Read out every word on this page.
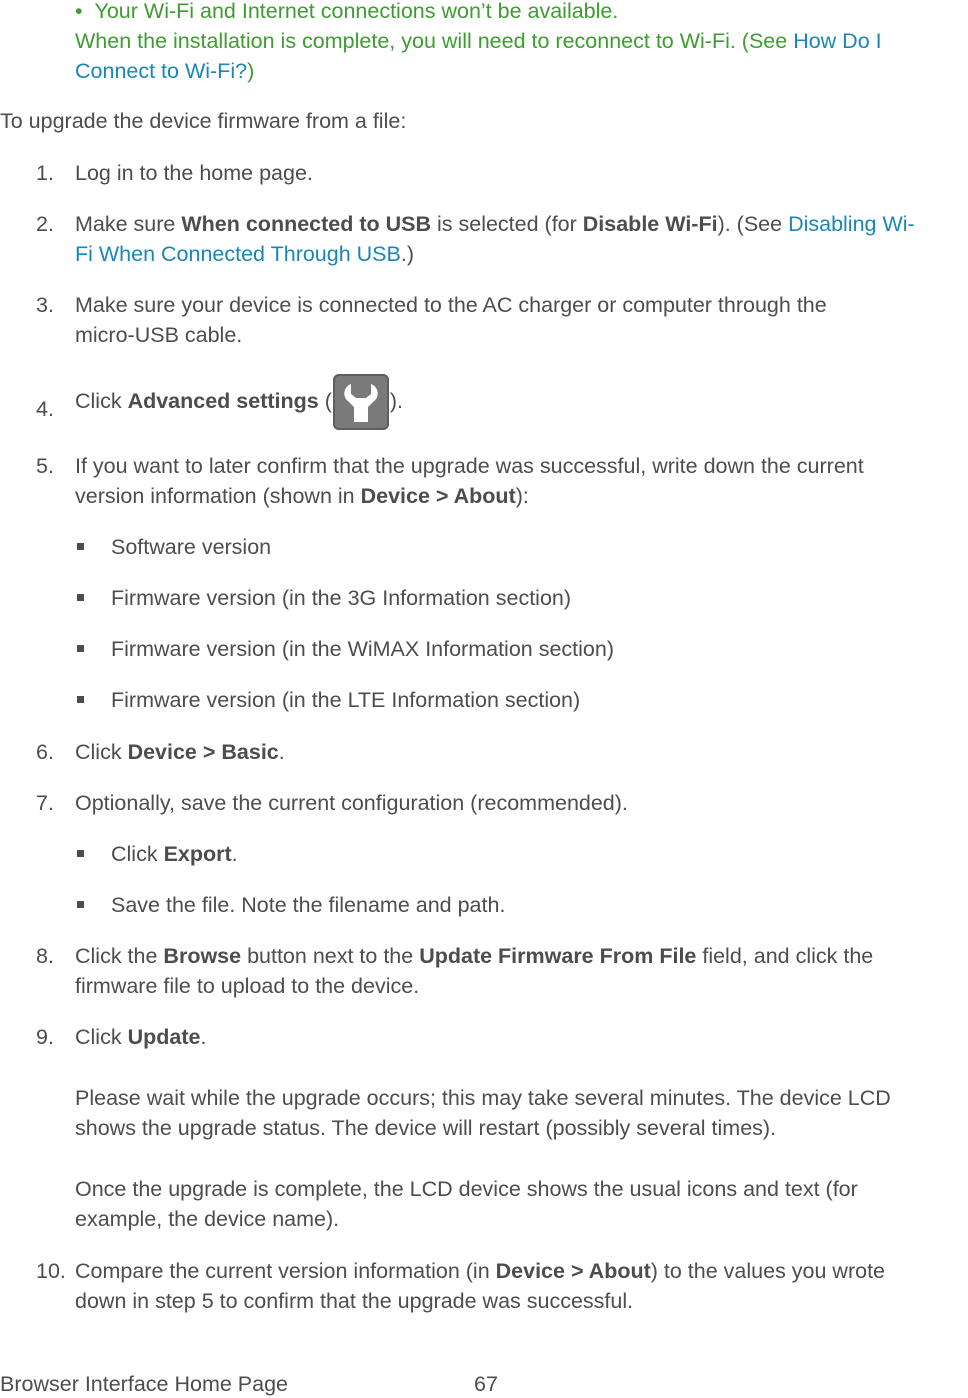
• Your Wi-Fi and Internet connections won’t be available.
When the installation is complete, you will need to reconnect to Wi-Fi. (See How Do I
Connect to Wi-Fi?)
To upgrade the device firmware from a file:
1. Log in to the home page.
2. Make sure When connected to USB is selected (for Disable Wi-Fi). (See Disabling Wi-
Fi When Connected Through USB.)
3. Make sure your device is connected to the AC charger or computer through the
micro-USB cable.
4. Click Advanced settings (	).
5. If you want to later confirm that the upgrade was successful, write down the current
version information (shown in Device > About):
Software version
Firmware version (in the 3G Information section)
Firmware version (in the WiMAX Information section)
Firmware version (in the LTE Information section)
6. Click Device > Basic.
7. Optionally, save the current configuration (recommended).
Click Export.
Save the file. Note the filename and path.
8. Click the Browse button next to the Update Firmware From File field, and click the
firmware file to upload to the device.
9. Click Update.
Please wait while the upgrade occurs; this may take several minutes. The device LCD
shows the upgrade status. The device will restart (possibly several times).
Once the upgrade is complete, the LCD device shows the usual icons and text (for
example, the device name).
10. Compare the current version information (in Device > About) to the values you wrote
down in step 5 to confirm that the upgrade was successful.
Browser Interface Home Page	67
